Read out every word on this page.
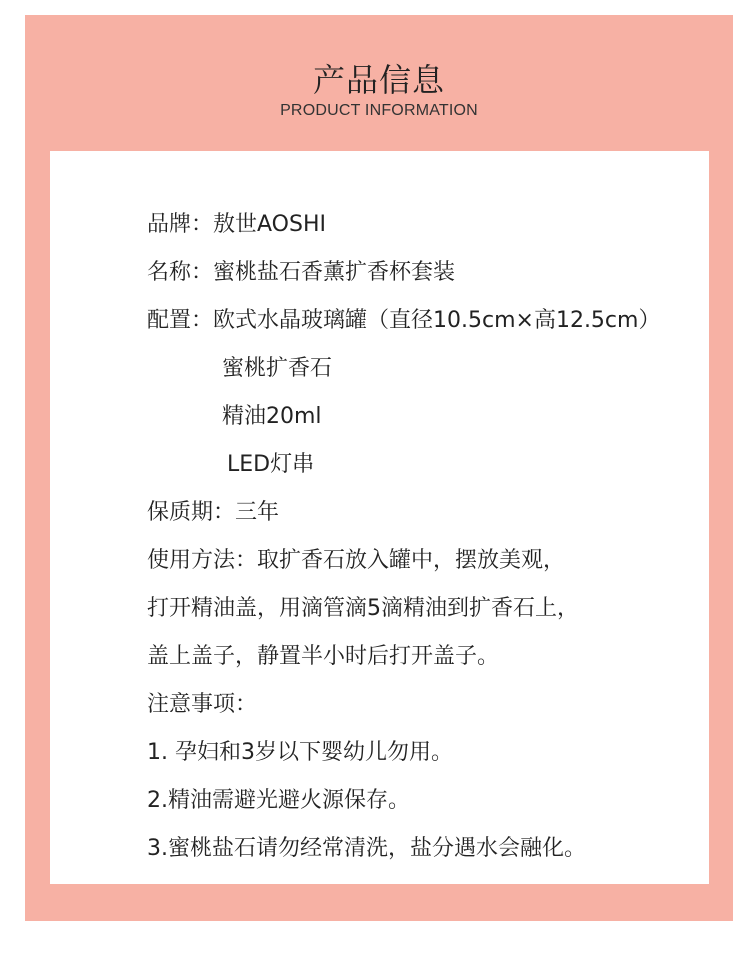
产品信息
PRODUCT INFORMATION
品牌：敖世AOSHI
名称：蜜桃盐石香薰扩香杯套装
配置：欧式水晶玻璃罐（直径10.5cm×高12.5cm）
蜜桃扩香石
精油20ml
LED灯串
保质期：三年
使用方法：取扩香石放入罐中，摆放美观，
打开精油盖，用滴管滴5滴精油到扩香石上，
盖上盖子，静置半小时后打开盖子。
注意事项：
1. 孕妇和3岁以下婴幼儿勿用。
2.精油需避光避火源保存。
3.蜜桃盐石请勿经常清洗，盐分遇水会融化。
